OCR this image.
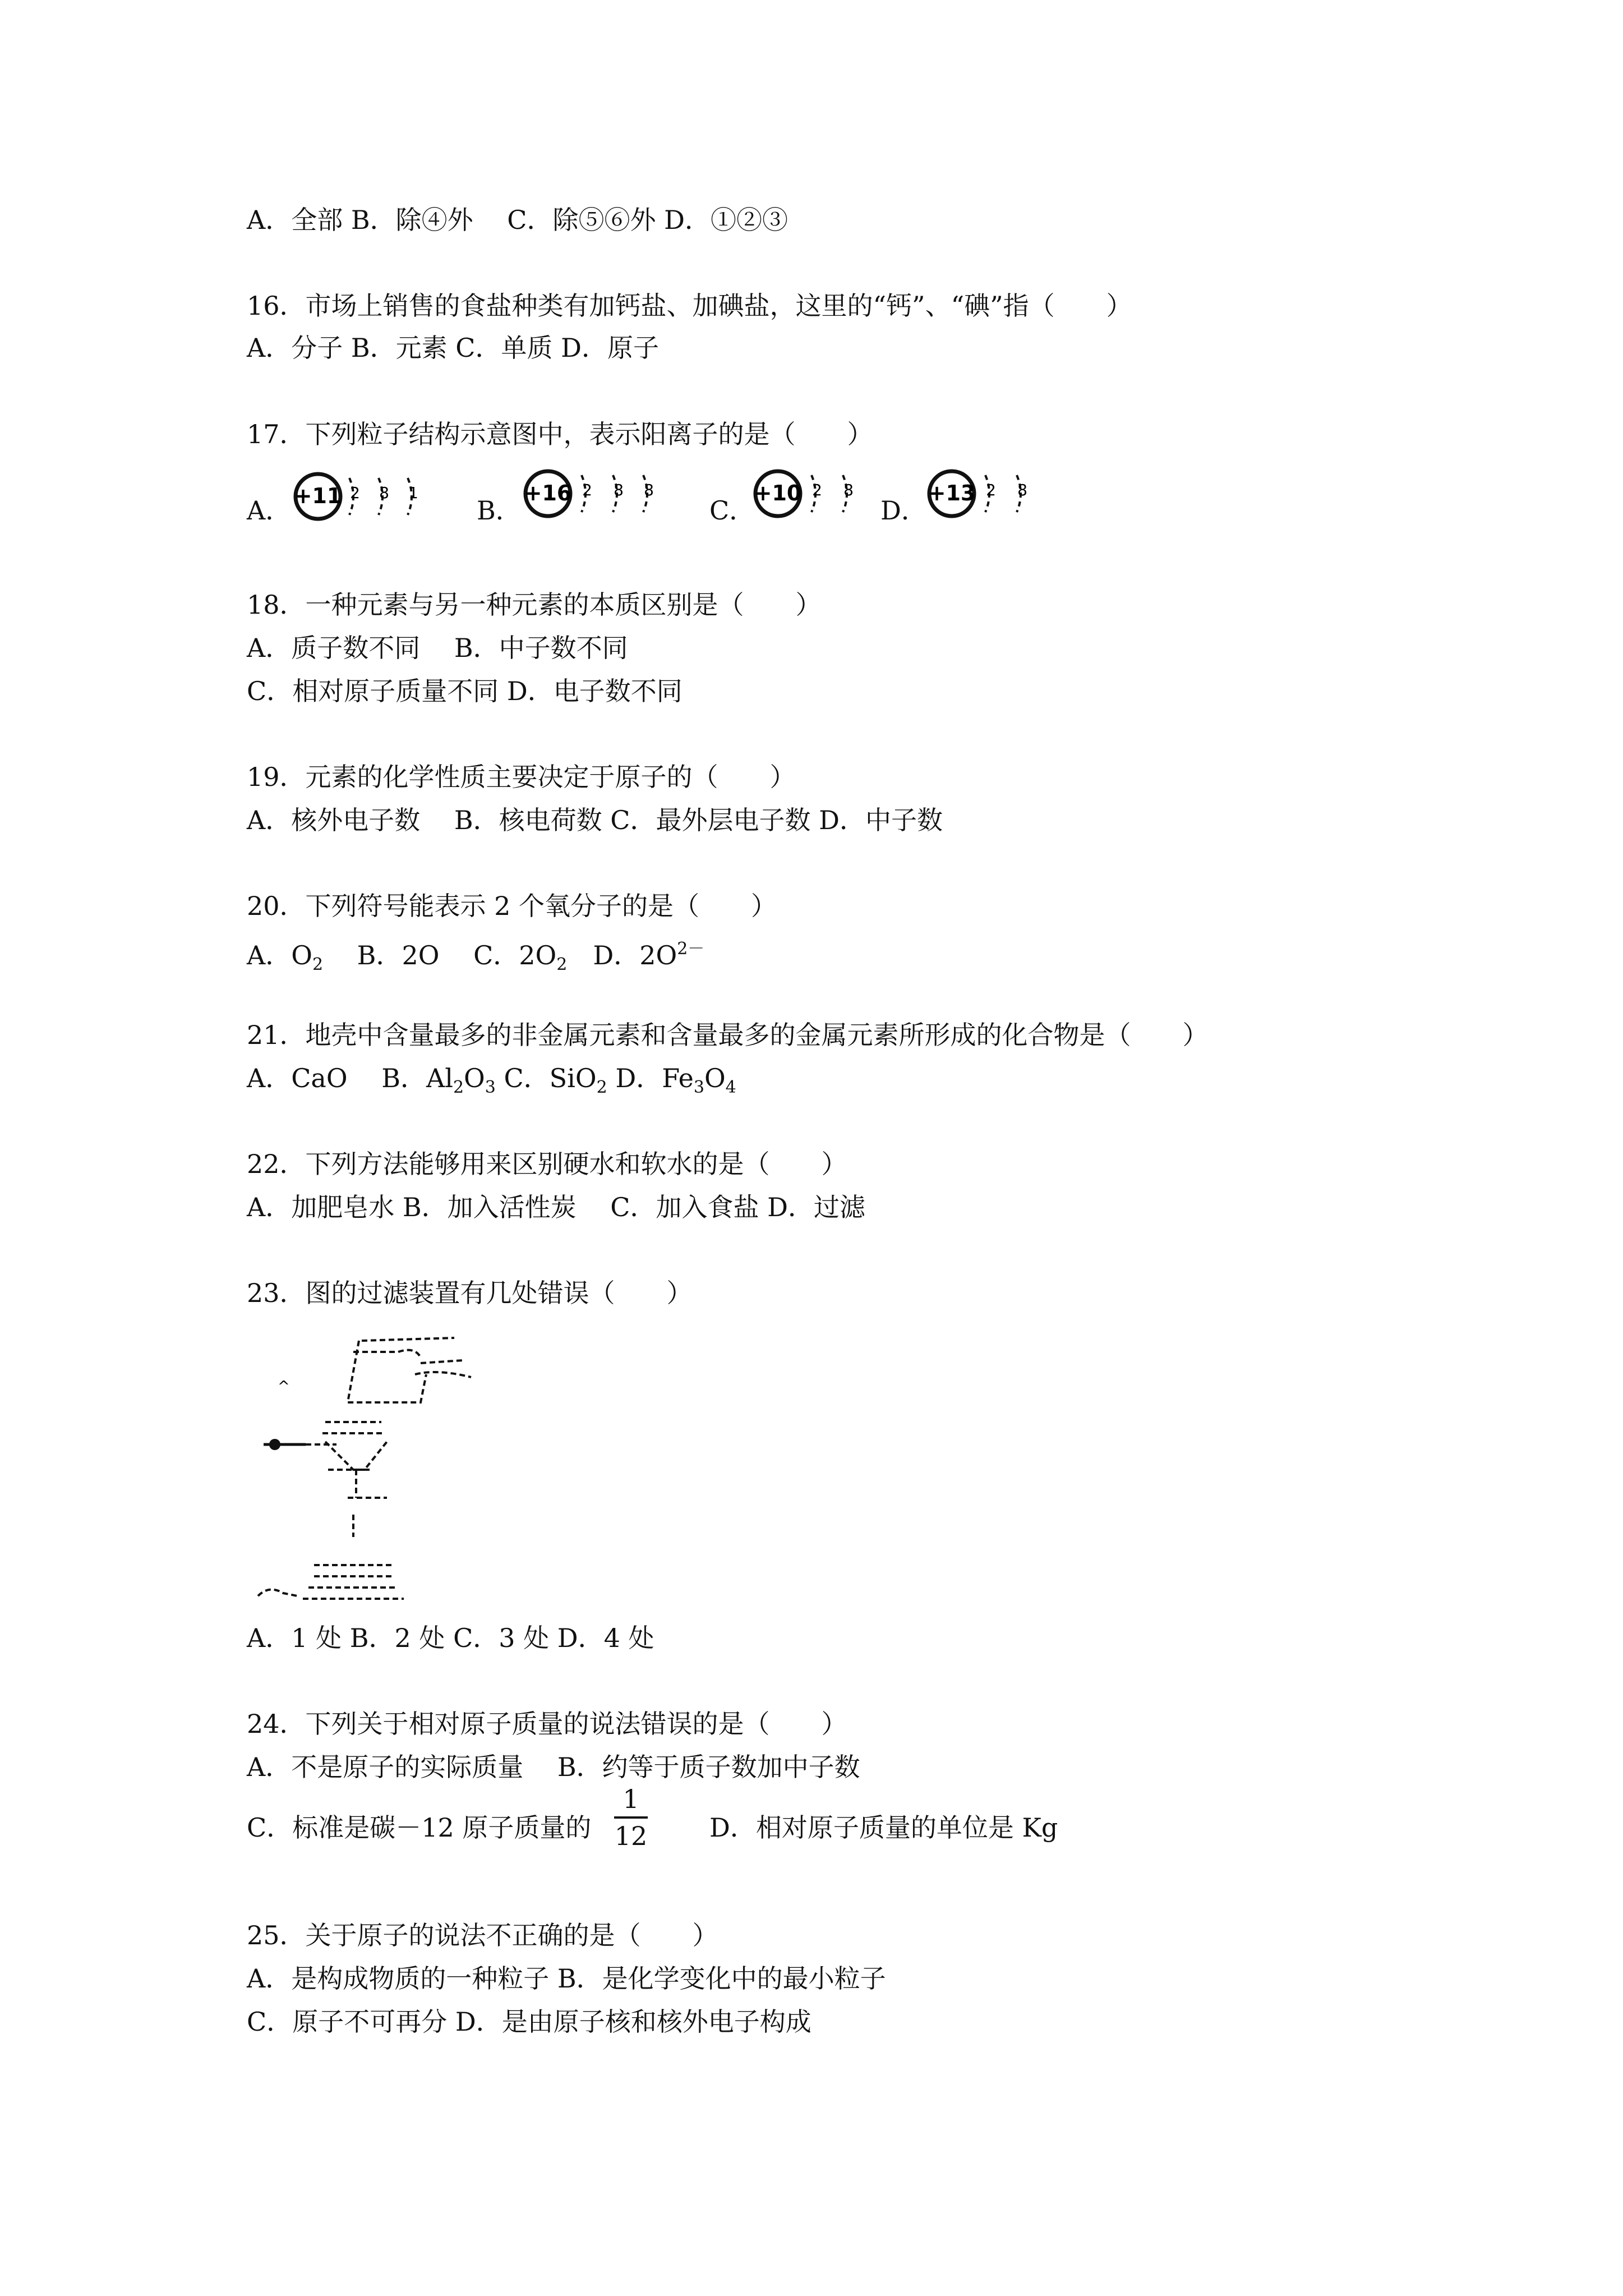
A．全部 B．除④外　 C．除⑤⑥外 D．①②③
16．市场上销售的食盐种类有加钙盐、加碘盐，这里的“钙”、“碘”指（　　）
A．分子 B．元素 C．单质 D．原子
17．下列粒子结构示意图中，表示阳离子的是（　　）
A．	B．	C．	D．
+11 2 8 1	+16 2 8 8	+10 2 8	+13 2 8
18．一种元素与另一种元素的本质区别是（　　）
A．质子数不同　 B．中子数不同
C．相对原子质量不同 D．电子数不同
19．元素的化学性质主要决定于原子的（　　）
A．核外电子数　 B．核电荷数 C．最外层电子数 D．中子数
20．下列符号能表示 2 个氧分子的是（　　）
A．$O_2$　 B．2O　 C．$2O_2$　 D．$2O^{2-}$
21．地壳中含量最多的非金属元素和含量最多的金属元素所形成的化合物是（　　）
A．CaO　 B．$Al_2O_3$ C．SiO$_2$ D．$Fe_3O_4$
22．下列方法能够用来区别硬水和软水的是（　　）
A．加肥皂水 B．加入活性炭　 C．加入食盐 D．过滤
23．图的过滤装置有几处错误（　　）
^
A．1 处 B．2 处 C．3 处 D．4 处
24．下列关于相对原子质量的说法错误的是（　　）
A．不是原子的实际质量　 B．约等于质子数加中子数
C．标准是碳－12 原子质量的
1
12 D．相对原子质量的单位是 Kg
25．关于原子的说法不正确的是（　　）
A．是构成物质的一种粒子 B．是化学变化中的最小粒子
C．原子不可再分 D．是由原子核和核外电子构成
